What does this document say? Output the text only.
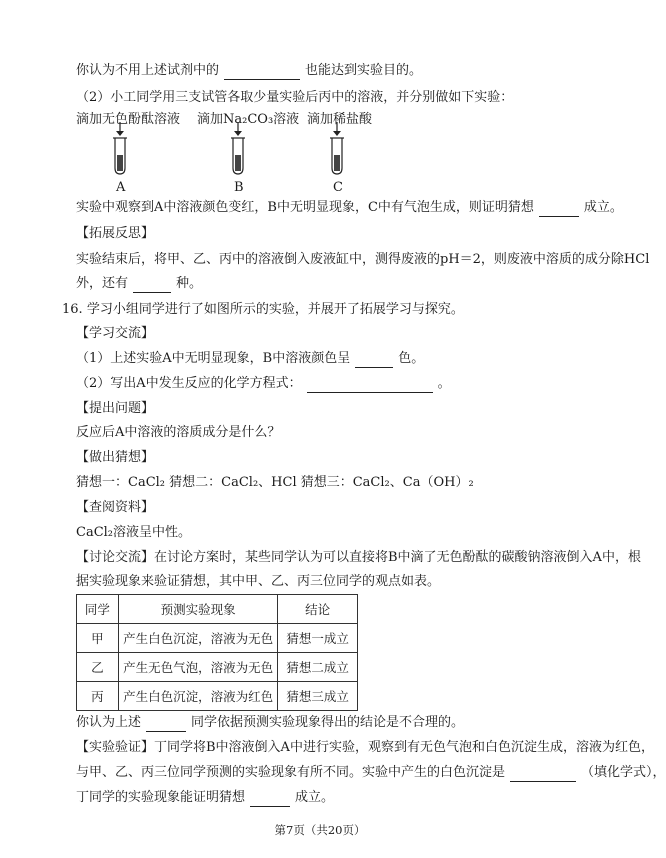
你认为不用上述试剂中的	也能达到实验目的。
（2）小工同学用三支试管各取少量实验后丙中的溶液，并分别做如下实验：
滴加无色酚酞溶液 滴加Na₂CO₃溶液 滴加稀盐酸
A	B	C
实验中观察到A中溶液颜色变红，B中无明显现象，C中有气泡生成，则证明猜想	成立。
【拓展反思】
实验结束后，将甲、乙、丙中的溶液倒入废液缸中，测得废液的pH＝2，则废液中溶质的成分除HCl
外，还有	种。
16. 学习小组同学进行了如图所示的实验，并展开了拓展学习与探究。
【学习交流】
（1）上述实验A中无明显现象，B中溶液颜色呈	色。
（2）写出A中发生反应的化学方程式：	。
【提出问题】
反应后A中溶液的溶质成分是什么？
【做出猜想】
猜想一：CaCl₂ 猜想二：CaCl₂、HCl 猜想三：CaCl₂、Ca（OH）₂
【查阅资料】
CaCl₂溶液呈中性。
【讨论交流】在讨论方案时，某些同学认为可以直接将B中滴了无色酚酞的碳酸钠溶液倒入A中，根
据实验现象来验证猜想，其中甲、乙、丙三位同学的观点如表。
同学	预测实验现象	结论
甲	产生白色沉淀，溶液为无色	猜想一成立
乙	产生无色气泡，溶液为无色	猜想二成立
丙	产生白色沉淀，溶液为红色	猜想三成立
你认为上述	同学依据预测实验现象得出的结论是不合理的。
【实验验证】丁同学将B中溶液倒入A中进行实验，观察到有无色气泡和白色沉淀生成，溶液为红色，
与甲、乙、丙三位同学预测的实验现象有所不同。实验中产生的白色沉淀是	（填化学式），
丁同学的实验现象能证明猜想	成立。
第7页（共20页）
